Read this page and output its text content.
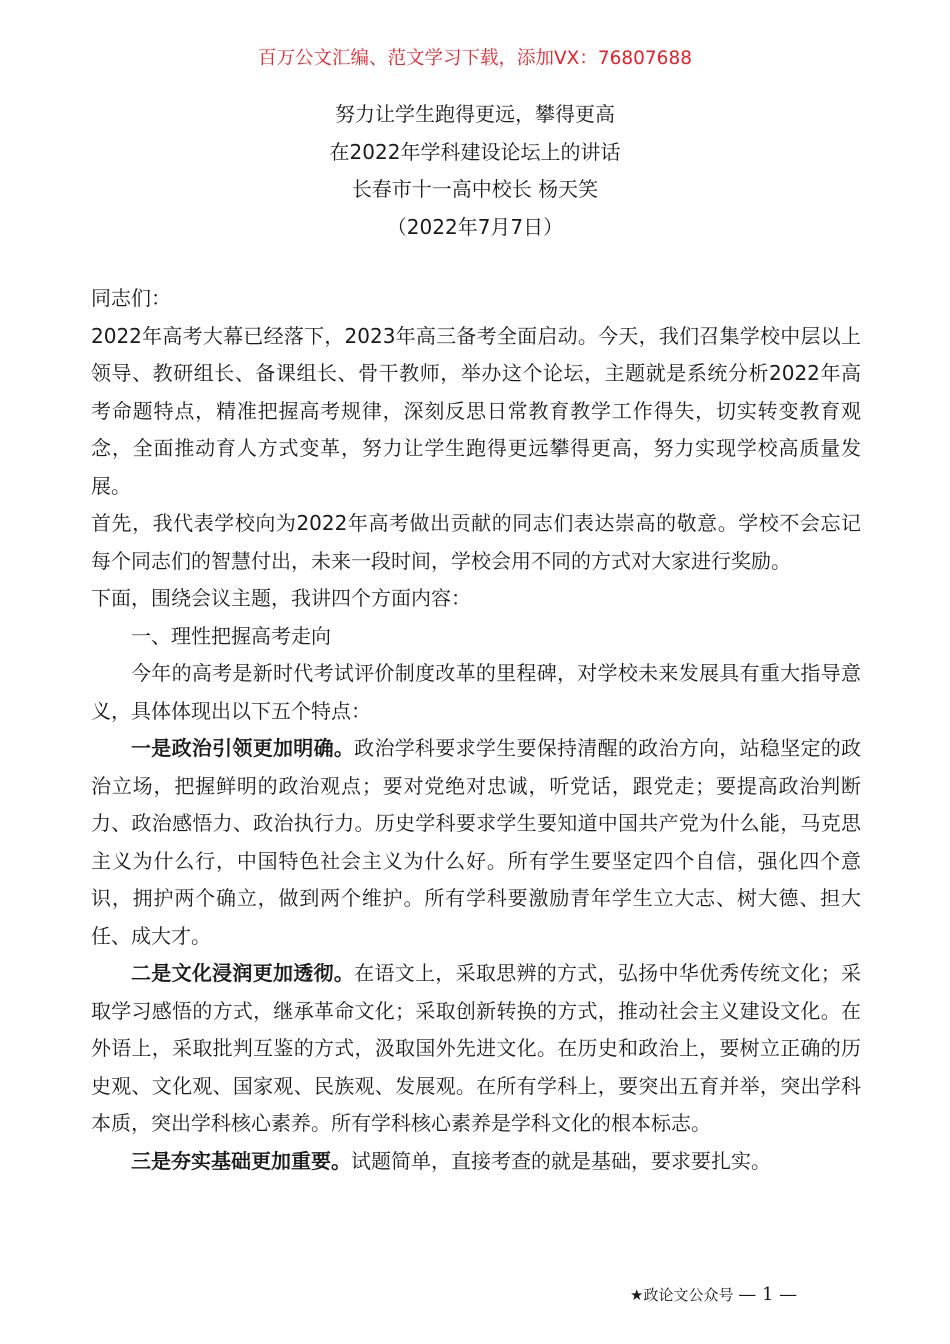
百万公文汇编、范文学习下载，添加VX：76807688
努力让学生跑得更远，攀得更高
在2022年学科建设论坛上的讲话
长春市十一高中校长 杨天笑
（2022年7月7日）

同志们：

2022年高考大幕已经落下，2023年高三备考全面启动。今天，我们召集学校中层以上领导、教研组长、备课组长、骨干教师，举办这个论坛，主题就是系统分析2022年高考命题特点，精准把握高考规律，深刻反思日常教育教学工作得失，切实转变教育观念，全面推动育人方式变革，努力让学生跑得更远攀得更高，努力实现学校高质量发展。

首先，我代表学校向为2022年高考做出贡献的同志们表达崇高的敬意。学校不会忘记每个同志们的智慧付出，未来一段时间，学校会用不同的方式对大家进行奖励。

下面，围绕会议主题，我讲四个方面内容：

一、理性把握高考走向

今年的高考是新时代考试评价制度改革的里程碑，对学校未来发展具有重大指导意义，具体体现出以下五个特点：

一是政治引领更加明确。政治学科要求学生要保持清醒的政治方向，站稳坚定的政治立场，把握鲜明的政治观点；要对党绝对忠诚，听党话，跟党走；要提高政治判断力、政治感悟力、政治执行力。历史学科要求学生要知道中国共产党为什么能，马克思主义为什么行，中国特色社会主义为什么好。所有学生要坚定四个自信，强化四个意识，拥护两个确立，做到两个维护。所有学科要激励青年学生立大志、树大德、担大任、成大才。

二是文化浸润更加透彻。在语文上，采取思辨的方式，弘扬中华优秀传统文化；采取学习感悟的方式，继承革命文化；采取创新转换的方式，推动社会主义建设文化。在外语上，采取批判互鉴的方式，汲取国外先进文化。在历史和政治上，要树立正确的历史观、文化观、国家观、民族观、发展观。在所有学科上，要突出五育并举，突出学科本质，突出学科核心素养。所有学科核心素养是学科文化的根本标志。

三是夯实基础更加重要。试题简单，直接考查的就是基础，要求要扎实。

★政论文公众号 — 1 —
